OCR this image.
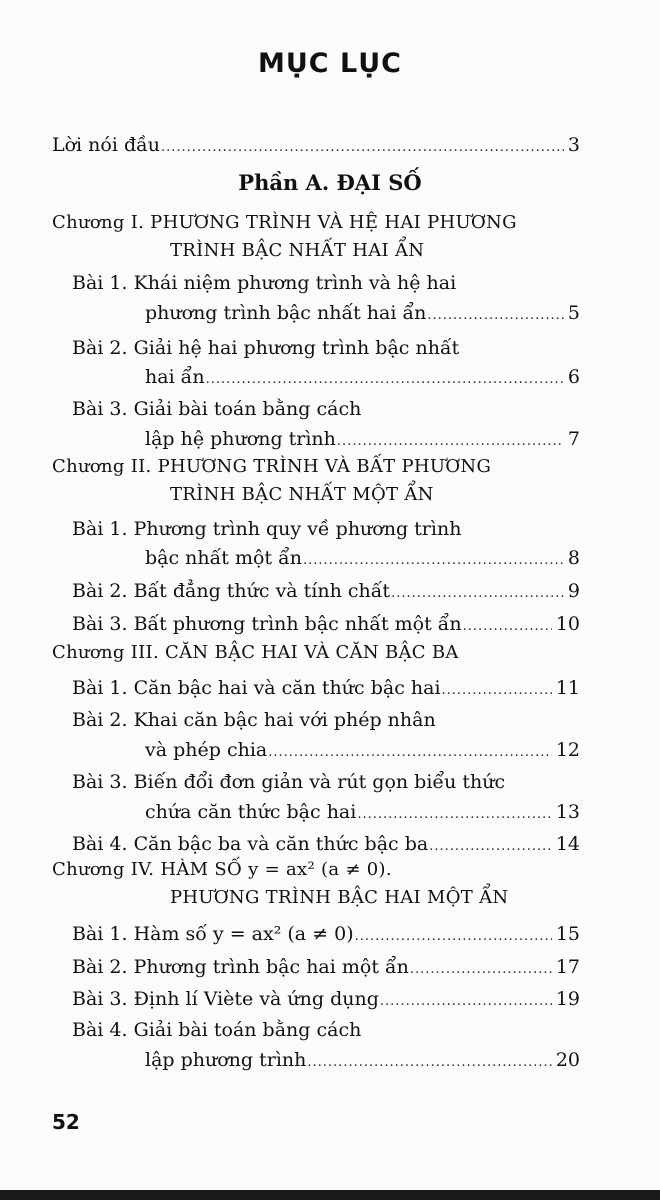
MỤC LỤC
Lời nói đầu .....	3
Phần A. ĐẠI SỐ
Chương I. PHƯƠNG TRÌNH VÀ HỆ HAI PHƯƠNG
TRÌNH BẬC NHẤT HAI ẨN
Bài 1. Khái niệm phương trình và hệ hai
phương trình bậc nhất hai ẩn .....	5
Bài 2. Giải hệ hai phương trình bậc nhất
hai ẩn .....	6
Bài 3. Giải bài toán bằng cách
lập hệ phương trình .....	7
Chương II. PHƯƠNG TRÌNH VÀ BẤT PHƯƠNG
TRÌNH BẬC NHẤT MỘT ẨN
Bài 1. Phương trình quy về phương trình
bậc nhất một ẩn .....	8
Bài 2. Bất đẳng thức và tính chất .....	9
Bài 3. Bất phương trình bậc nhất một ẩn .....	10
Chương III. CĂN BẬC HAI VÀ CĂN BẬC BA
Bài 1. Căn bậc hai và căn thức bậc hai .....	11
Bài 2. Khai căn bậc hai với phép nhân
và phép chia .....	12
Bài 3. Biến đổi đơn giản và rút gọn biểu thức
chứa căn thức bậc hai .....	13
Bài 4. Căn bậc ba và căn thức bậc ba .....	14
Chương IV. HÀM SỐ y = ax² (a ≠ 0).
PHƯƠNG TRÌNH BẬC HAI MỘT ẨN
Bài 1. Hàm số y = ax² (a ≠ 0) .....	15
Bài 2. Phương trình bậc hai một ẩn .....	17
Bài 3. Định lí Viète và ứng dụng .....	19
Bài 4. Giải bài toán bằng cách
lập phương trình .....	20
52
